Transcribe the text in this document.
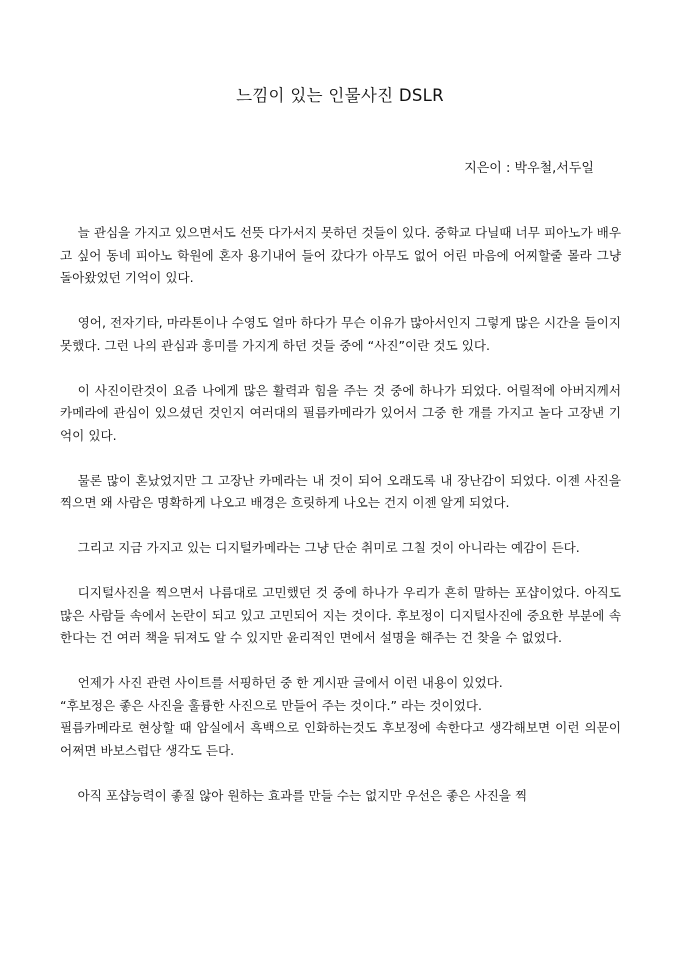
느낌이 있는 인물사진 DSLR
지은이 : 박우철,서두일

늘 관심을 가지고 있으면서도 선뜻 다가서지 못하던 것들이 있다. 중학교 다닐때 너무 피아노가 배우고 싶어 동네 피아노 학원에 혼자 용기내어 들어 갔다가 아무도 없어 어린 마음에 어찌할줄 몰라 그냥 돌아왔었던 기억이 있다.

영어, 전자기타, 마라톤이나 수영도 얼마 하다가 무슨 이유가 많아서인지 그렇게 많은 시간을 들이지 못했다. 그런 나의 관심과 흥미를 가지게 하던 것들 중에 “사진”이란 것도 있다.

이 사진이란것이 요즘 나에게 많은 활력과 힘을 주는 것 중에 하나가 되었다. 어릴적에 아버지께서 카메라에 관심이 있으셨던 것인지 여러대의 필름카메라가 있어서 그중 한 개를 가지고 놀다 고장낸 기억이 있다.

물론 많이 혼났었지만 그 고장난 카메라는 내 것이 되어 오래도록 내 장난감이 되었다. 이젠 사진을 찍으면 왜 사람은 명확하게 나오고 배경은 흐릿하게 나오는 건지 이젠 알게 되었다.

그리고 지금 가지고 있는 디지털카메라는 그냥 단순 취미로 그칠 것이 아니라는 예감이 든다.

디지털사진을 찍으면서 나름대로 고민했던 것 중에 하나가 우리가 흔히 말하는 포샵이었다. 아직도 많은 사람들 속에서 논란이 되고 있고 고민되어 지는 것이다. 후보정이 디지털사진에 중요한 부분에 속한다는 건 여러 책을 뒤져도 알 수 있지만 윤리적인 면에서 설명을 해주는 건 찾을 수 없었다.

언제가 사진 관련 사이트를 서핑하던 중 한 게시판 글에서 이런 내용이 있었다.
“후보정은 좋은 사진을 훌륭한 사진으로 만들어 주는 것이다.” 라는 것이었다.
필름카메라로 현상할 때 암실에서 흑백으로 인화하는것도 후보정에 속한다고 생각해보면 이런 의문이 어쩌면 바보스럽단 생각도 든다.

아직 포샵능력이 좋질 않아 원하는 효과를 만들 수는 없지만 우선은 좋은 사진을 찍
